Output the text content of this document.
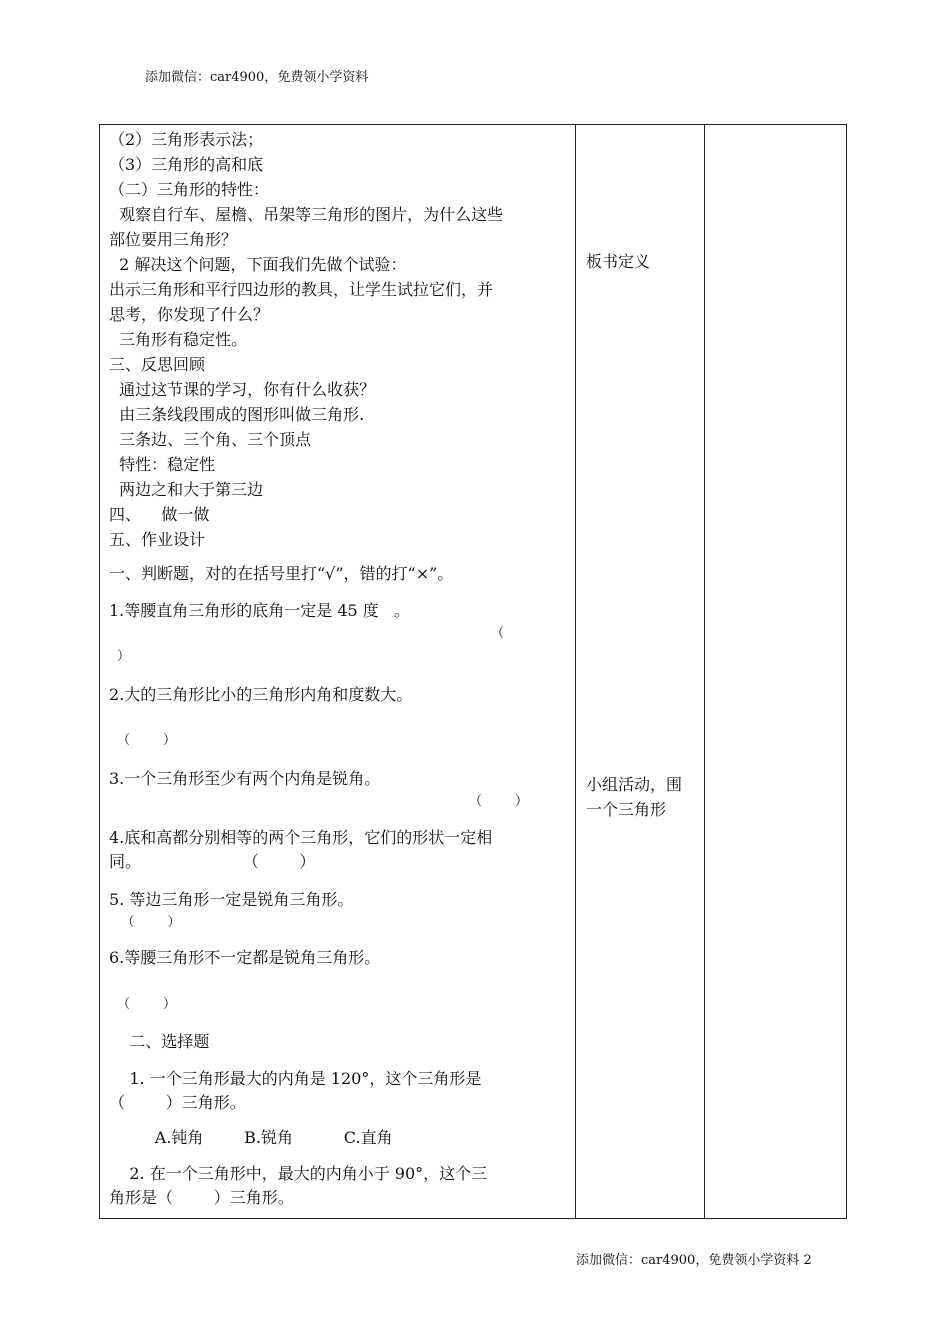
添加微信：car4900，免费领小学资料
（2）三角形表示法；
（3）三角形的高和底
（二）三角形的特性：
观察自行车、屋檐、吊架等三角形的图片，为什么这些
部位要用三角形？
2 解决这个问题，下面我们先做个试验：
出示三角形和平行四边形的教具，让学生试拉它们，并
思考，你发现了什么？
三角形有稳定性。
三、反思回顾
通过这节课的学习，你有什么收获？
由三条线段围成的图形叫做三角形.
三条边、三个角、三个顶点
特性：稳定性
两边之和大于第三边
四、    做一做
五、作业设计
一、判断题，对的在括号里打“√”，错的打“×”。
1.等腰直角三角形的底角一定是 45 度   。
（
）
2.大的三角形比小的三角形内角和度数大。
（        ）
3.一个三角形至少有两个内角是锐角。
（        ）
4.底和高都分别相等的两个三角形，它们的形状一定相
同。                    （        ）
5. 等边三角形一定是锐角三角形。
（        ）
6.等腰三角形不一定都是锐角三角形。
（        ）
二、选择题
1. 一个三角形最大的内角是 120°，这个三角形是
（        ）三角形。
A.钝角        B.锐角          C.直角
2. 在一个三角形中，最大的内角小于 90°，这个三
角形是（        ）三角形。
板书定义
小组活动，围
一个三角形
添加微信：car4900，免费领小学资料 2
